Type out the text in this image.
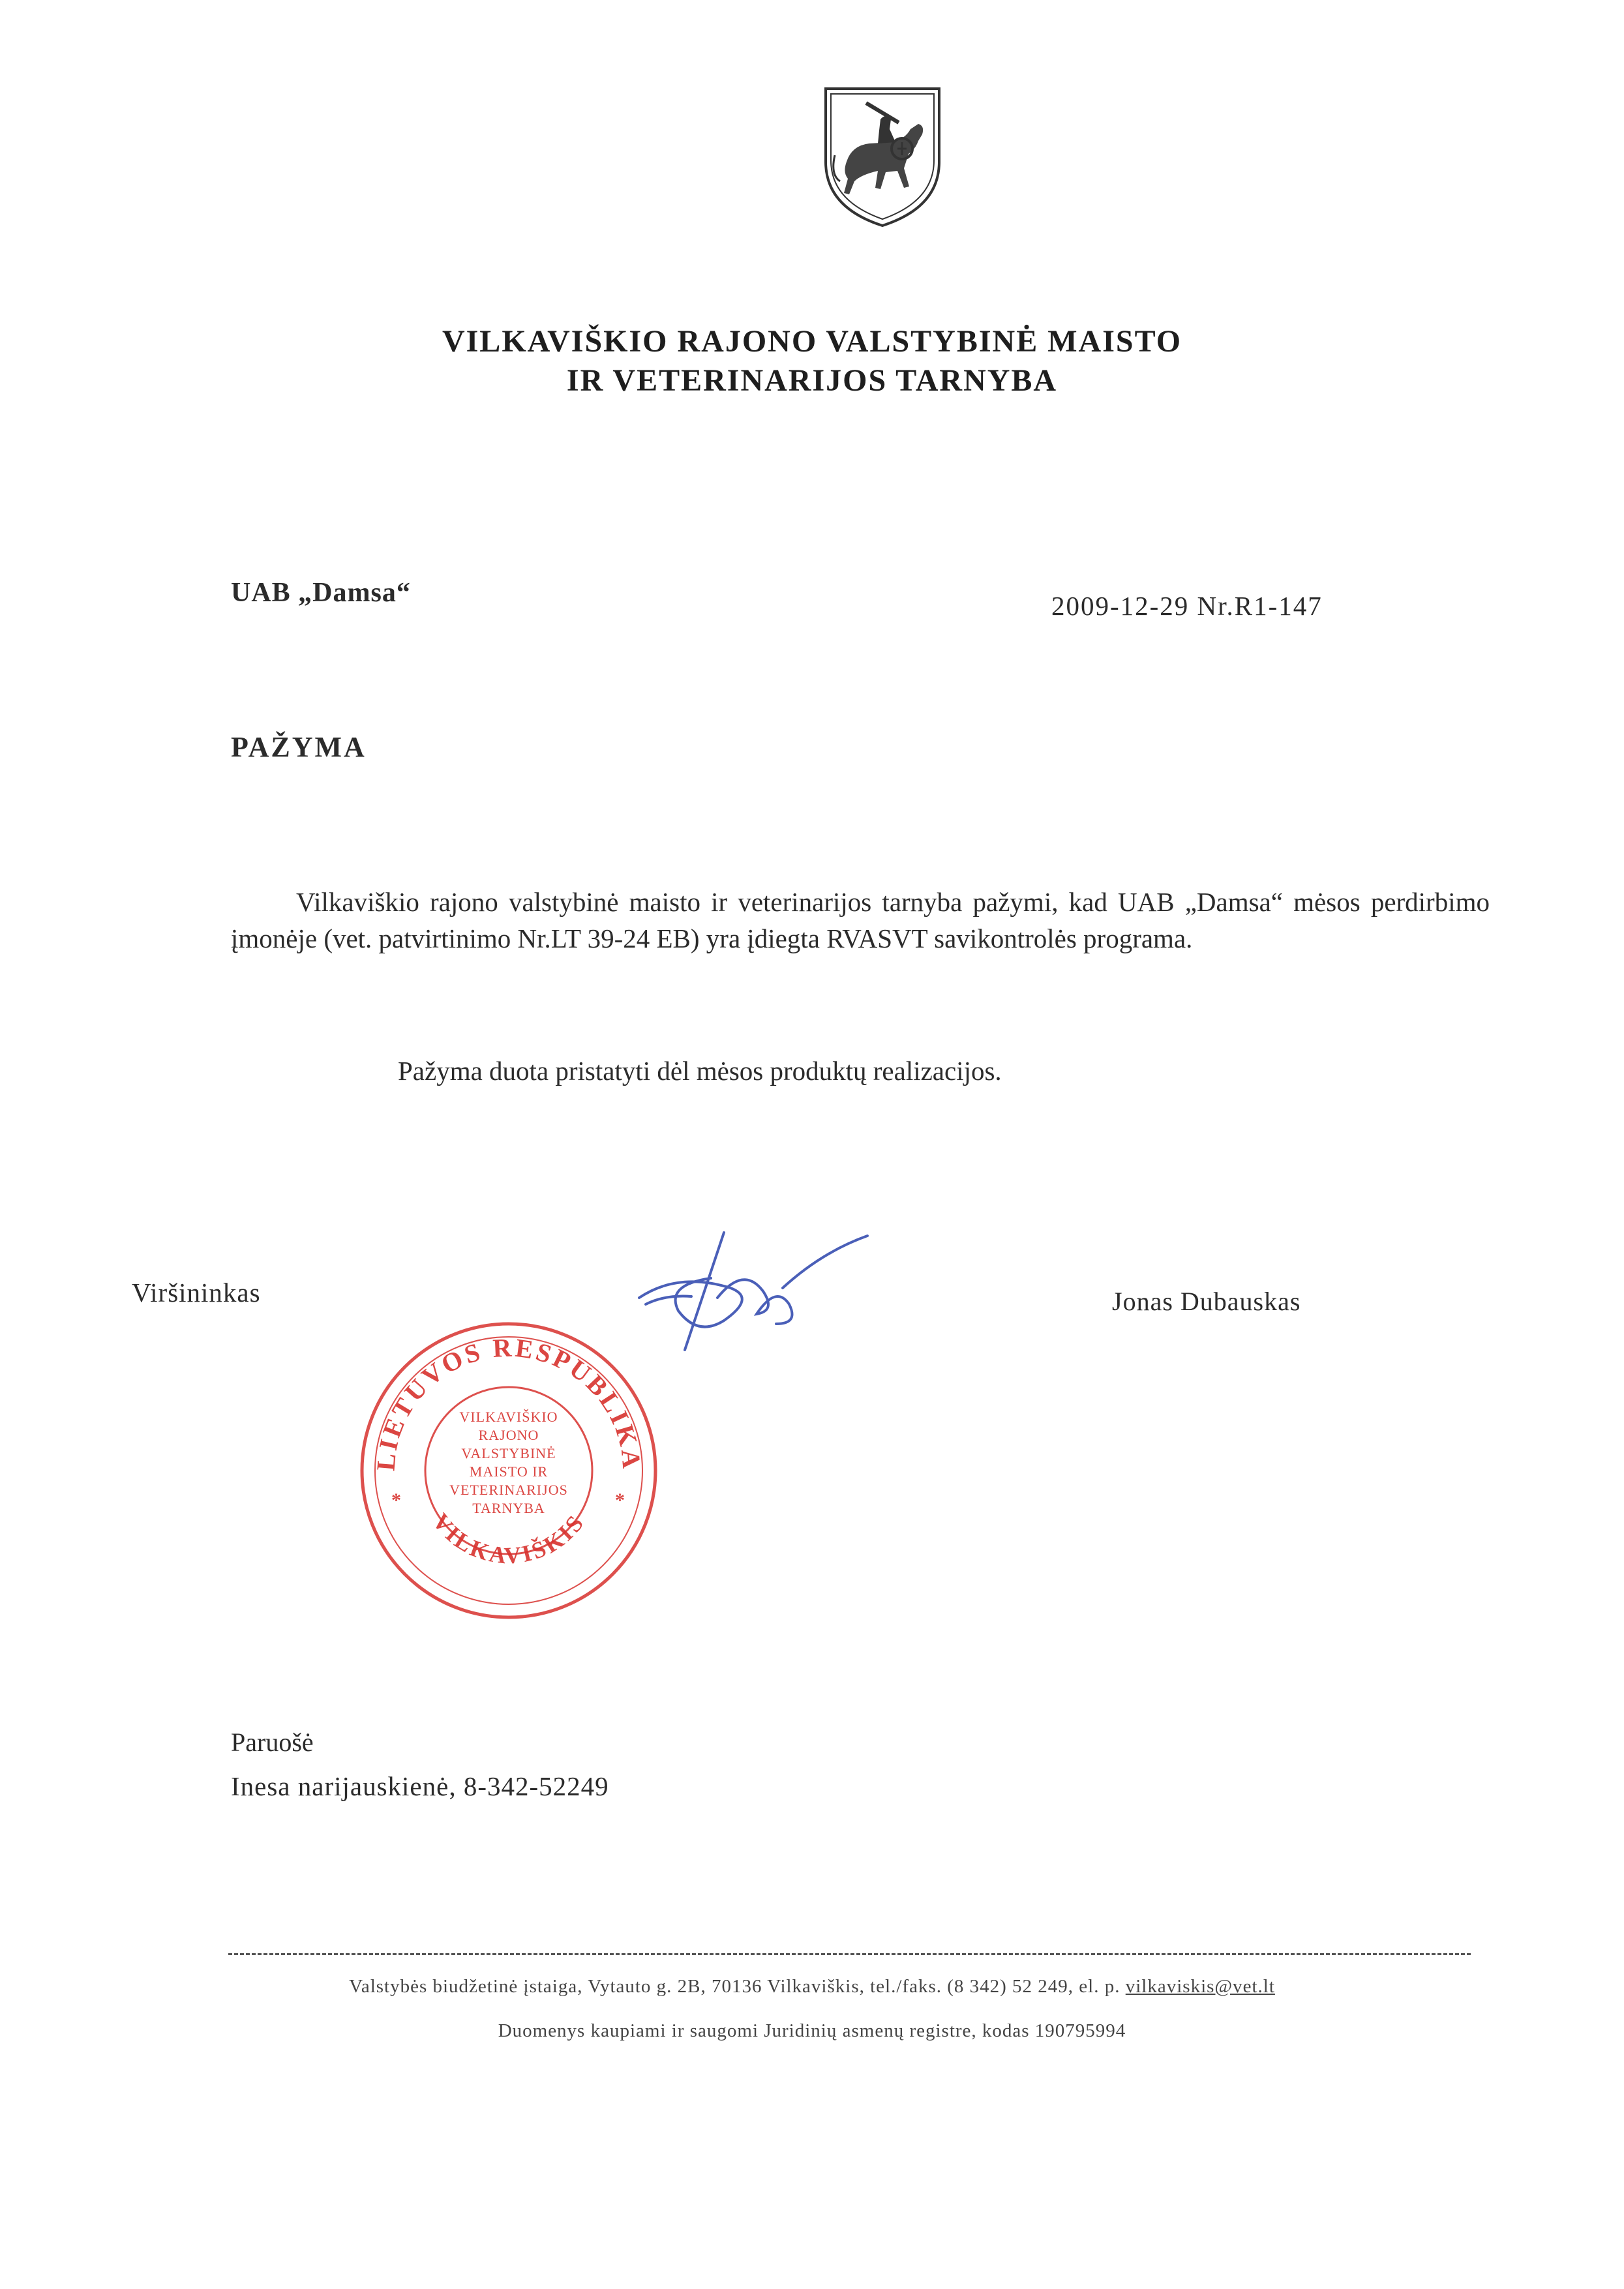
VILKAVIŠKIO RAJONO VALSTYBINĖ MAISTO
IR VETERINARIJOS TARNYBA
UAB „Damsa“	2009-12-29 Nr.R1-147
PAŽYMA
Vilkaviškio rajono valstybinė maisto ir veterinarijos tarnyba pažymi, kad UAB „Damsa“ mėsos perdirbimo įmonėje (vet. patvirtinimo Nr.LT 39-24 EB) yra įdiegta RVASVT savikontrolės programa.
Pažyma duota pristatyti dėl mėsos produktų realizacijos.
Viršininkas	Jonas Dubauskas
LIETUVOS RESPUBLIKA
VILKAVIŠKIS
*	*
VILKAVIŠKIO
RAJONO
VALSTYBINĖ
MAISTO IR
VETERINARIJOS
TARNYBA
Paruošė
Inesa narijauskienė, 8-342-52249
Valstybės biudžetinė įstaiga, Vytauto g. 2B, 70136 Vilkaviškis, tel./faks. (8 342) 52 249, el. p. vilkaviskis@vet.lt
Duomenys kaupiami ir saugomi Juridinių asmenų registre, kodas 190795994
